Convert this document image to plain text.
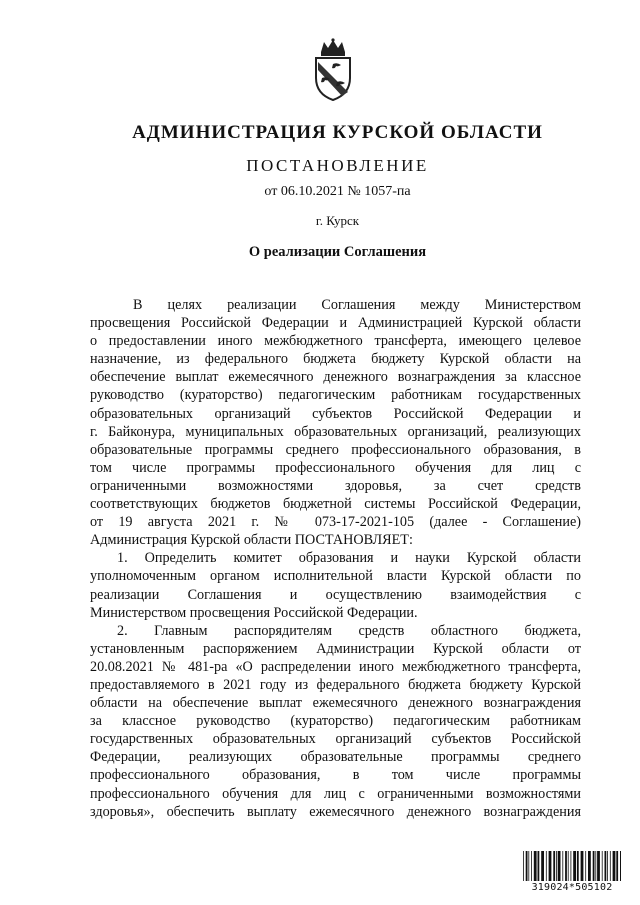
АДМИНИСТРАЦИЯ КУРСКОЙ ОБЛАСТИ
ПОСТАНОВЛЕНИЕ
от 06.10.2021 № 1057-па
г. Курск
О реализации Соглашения
В целях реализации Соглашения между Министерством
просвещения Российской Федерации и Администрацией Курской области
о предоставлении иного межбюджетного трансферта, имеющего целевое
назначение, из федерального бюджета бюджету Курской области на
обеспечение выплат ежемесячного денежного вознаграждения за классное
руководство (кураторство) педагогическим работникам государственных
образовательных организаций субъектов Российской Федерации и
г. Байконура, муниципальных образовательных организаций, реализующих
образовательные программы среднего профессионального образования, в
том числе программы профессионального обучения для лиц с
ограниченными возможностями здоровья, за счет средств
соответствующих бюджетов бюджетной системы Российской Федерации,
от 19 августа 2021 г. № 073-17-2021-105 (далее - Соглашение)
Администрация Курской области ПОСТАНОВЛЯЕТ:
1. Определить комитет образования и науки Курской области
уполномоченным органом исполнительной власти Курской области по
реализации Соглашения и осуществлению взаимодействия с
Министерством просвещения Российской Федерации.
2. Главным распорядителям средств областного бюджета,
установленным распоряжением Администрации Курской области от
20.08.2021 № 481-ра «О распределении иного межбюджетного трансферта,
предоставляемого в 2021 году из федерального бюджета бюджету Курской
области на обеспечение выплат ежемесячного денежного вознаграждения
за классное руководство (кураторство) педагогическим работникам
государственных образовательных организаций субъектов Российской
Федерации, реализующих образовательные программы среднего
профессионального образования, в том числе программы
профессионального обучения для лиц с ограниченными возможностями
здоровья», обеспечить выплату ежемесячного денежного вознаграждения
319024*505102
